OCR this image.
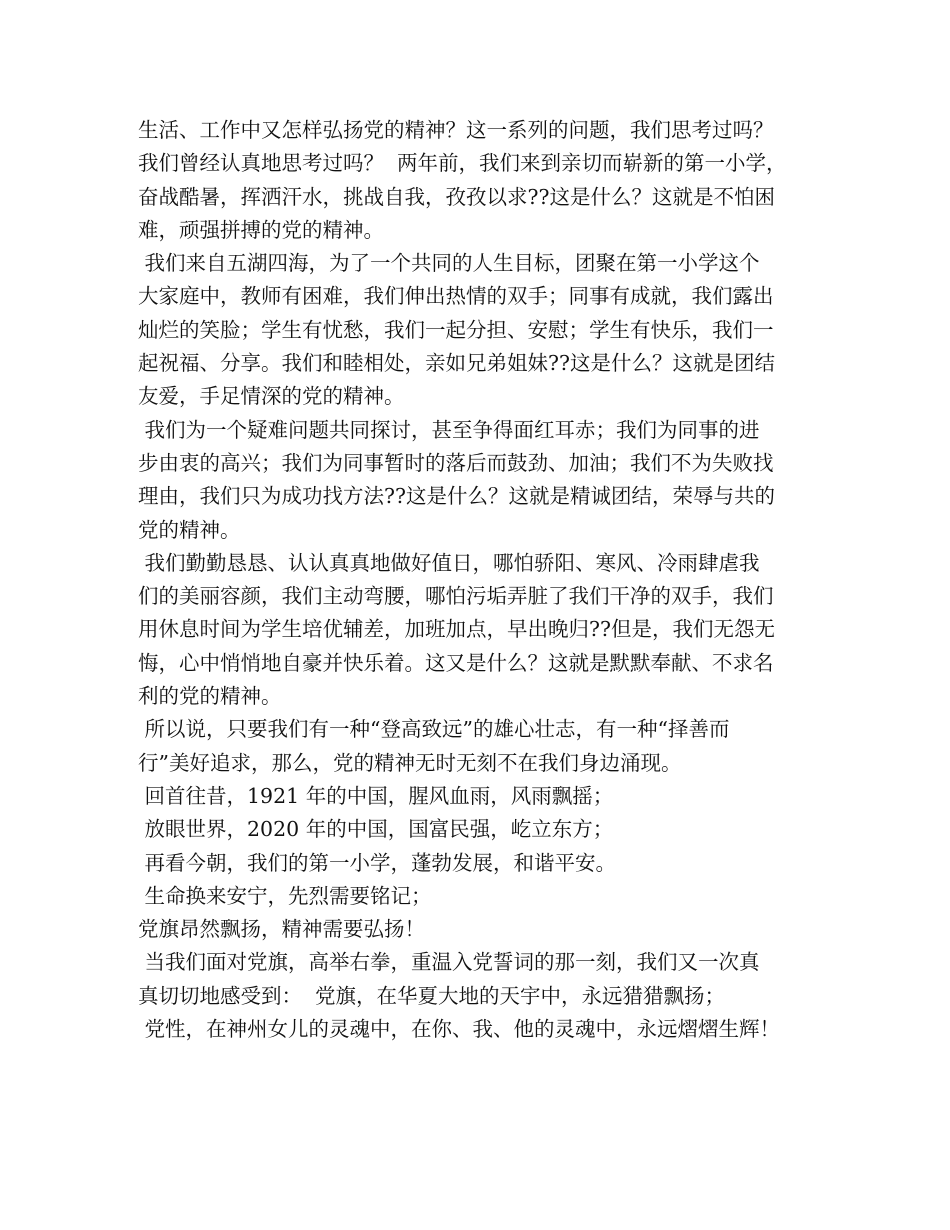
生活、工作中又怎样弘扬党的精神？这一系列的问题，我们思考过吗？
我们曾经认真地思考过吗？  两年前，我们来到亲切而崭新的第一小学，
奋战酷暑，挥洒汗水，挑战自我，孜孜以求??这是什么？这就是不怕困
难，顽强拼搏的党的精神。
我们来自五湖四海，为了一个共同的人生目标，团聚在第一小学这个
大家庭中，教师有困难，我们伸出热情的双手；同事有成就，我们露出
灿烂的笑脸；学生有忧愁，我们一起分担、安慰；学生有快乐，我们一
起祝福、分享。我们和睦相处，亲如兄弟姐妹??这是什么？这就是团结
友爱，手足情深的党的精神。
我们为一个疑难问题共同探讨，甚至争得面红耳赤；我们为同事的进
步由衷的高兴；我们为同事暂时的落后而鼓劲、加油；我们不为失败找
理由，我们只为成功找方法??这是什么？这就是精诚团结，荣辱与共的
党的精神。
我们勤勤恳恳、认认真真地做好值日，哪怕骄阳、寒风、冷雨肆虐我
们的美丽容颜，我们主动弯腰，哪怕污垢弄脏了我们干净的双手，我们
用休息时间为学生培优辅差，加班加点，早出晚归??但是，我们无怨无
悔，心中悄悄地自豪并快乐着。这又是什么？这就是默默奉献、不求名
利的党的精神。
所以说，只要我们有一种“登高致远”的雄心壮志，有一种“择善而
行”美好追求，那么，党的精神无时无刻不在我们身边涌现。
回首往昔，1921 年的中国，腥风血雨，风雨飘摇；
放眼世界，2020 年的中国，国富民强，屹立东方；
再看今朝，我们的第一小学，蓬勃发展，和谐平安。
生命换来安宁，先烈需要铭记；
党旗昂然飘扬，精神需要弘扬！
当我们面对党旗，高举右拳，重温入党誓词的那一刻，我们又一次真
真切切地感受到：  党旗，在华夏大地的天宇中，永远猎猎飘扬；
党性，在神州女儿的灵魂中，在你、我、他的灵魂中，永远熠熠生辉！
